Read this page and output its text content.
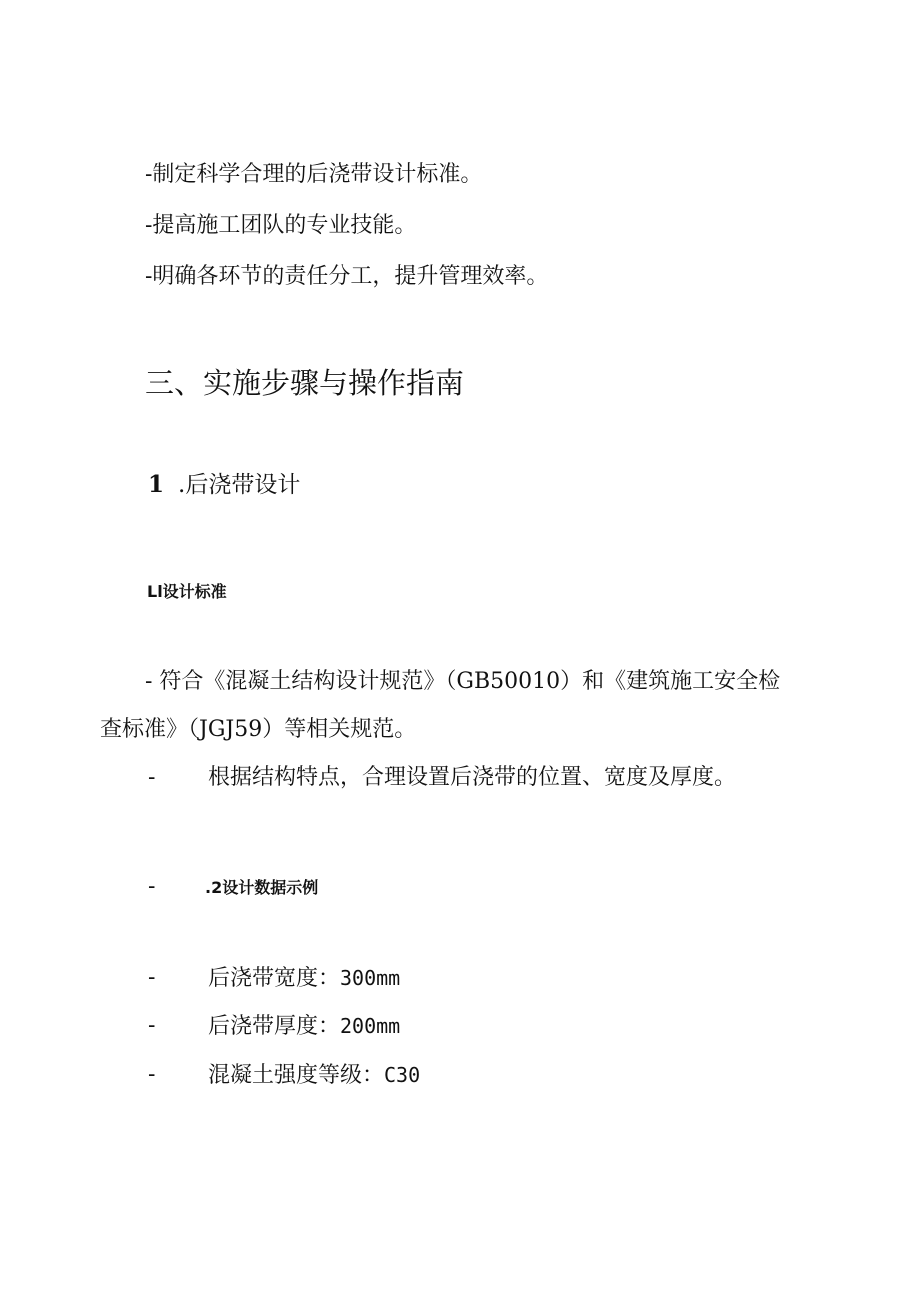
-制定科学合理的后浇带设计标准。
-提高施工团队的专业技能。
-明确各环节的责任分工，提升管理效率。
三、实施步骤与操作指南
1 .后浇带设计
Ll设计标准
- 符合《混凝土结构设计规范》（GB50010）和《建筑施工安全检
查标准》（JGJ59）等相关规范。
- 根据结构特点，合理设置后浇带的位置、宽度及厚度。
-	.2设计数据示例
- 后浇带宽度：300mm
- 后浇带厚度：200mm
- 混凝土强度等级：C30
